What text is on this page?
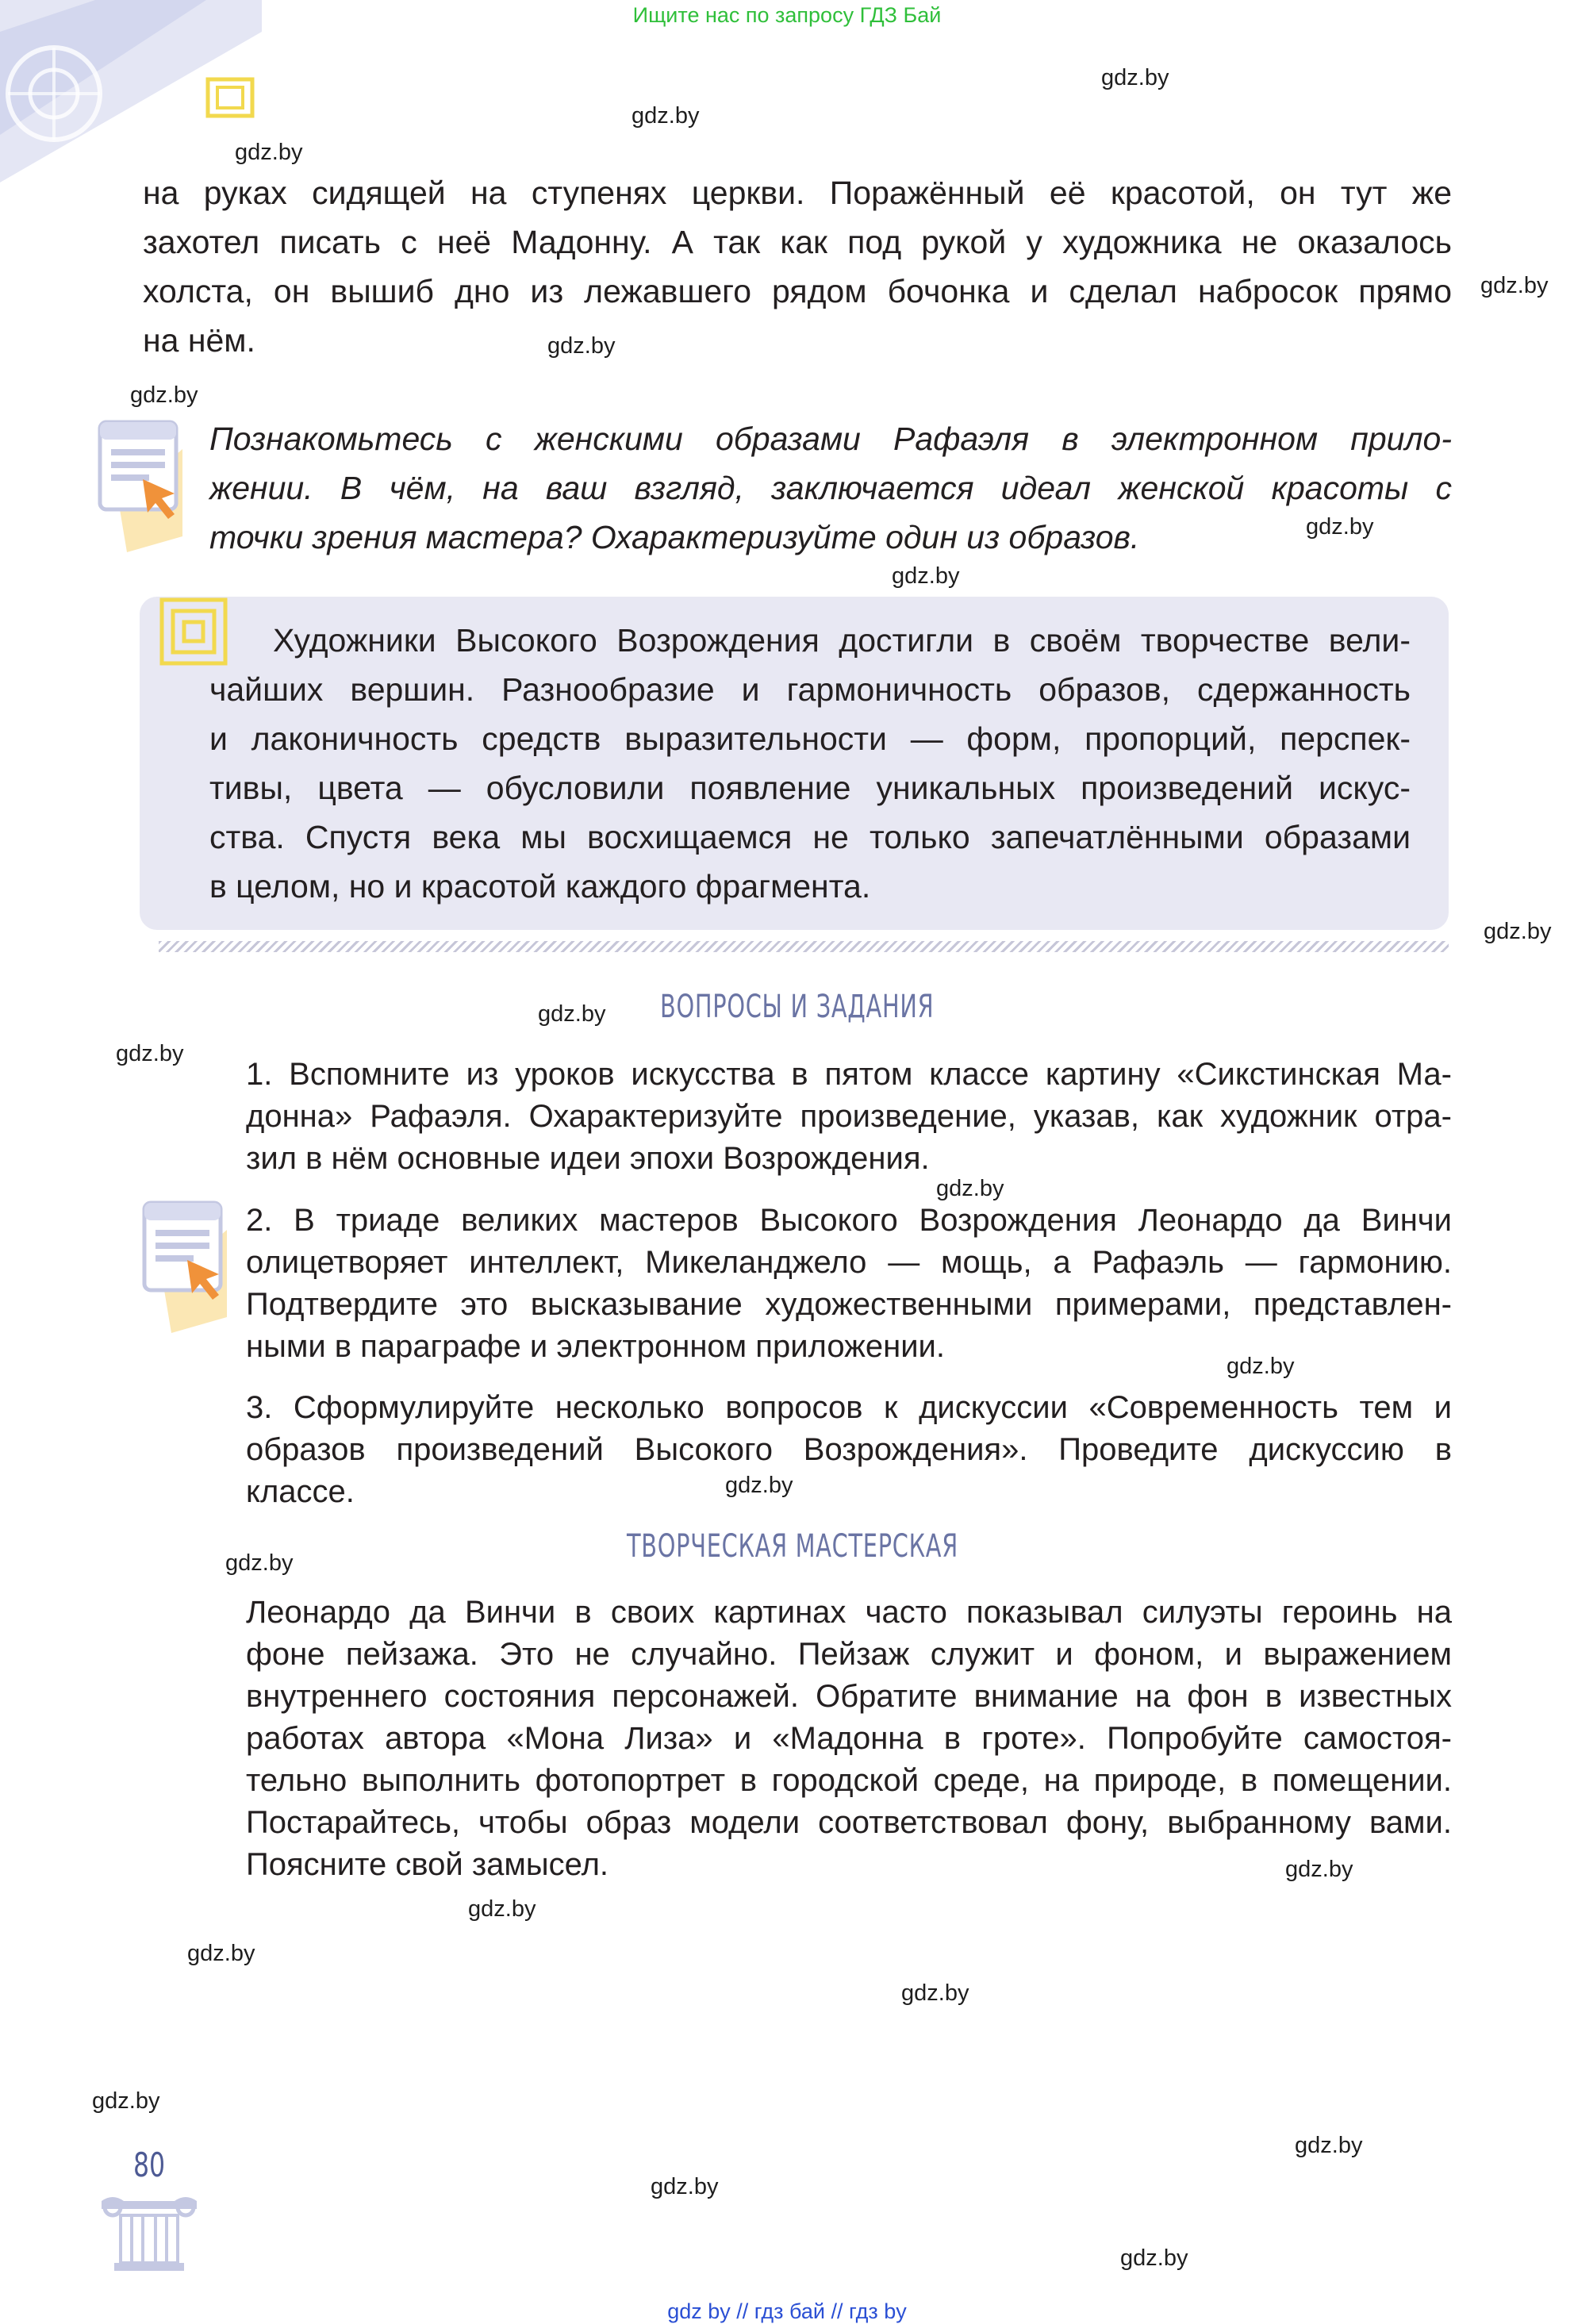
Ищите нас по запросу ГДЗ Бай
gdz.by
gdz.by
gdz.by
gdz.by
gdz.by
gdz.by
gdz.by
gdz.by
gdz.by
gdz.by
gdz.by
gdz.by
gdz.by
gdz.by
gdz.by
gdz.by
gdz.by
gdz.by
gdz.by
gdz.by
gdz.by
gdz.by
gdz.by
на руках сидящей на ступенях церкви. Поражённый её красотой, он тут же
захотел писать с неё Мадонну. А так как под рукой у художника не оказалось
холста, он вышиб дно из лежавшего рядом бочонка и сделал набросок прямо
на нём.
Познакомьтесь с женскими образами Рафаэля в электронном прило-
жении. В чём, на ваш взгляд, заключается идеал женской красоты с
точки зрения мастера? Охарактеризуйте один из образов.
Художники Высокого Возрождения достигли в своём творчестве вели-
чайших вершин. Разнообразие и гармоничность образов, сдержанность
и лаконичность средств выразительности — форм, пропорций, перспек-
тивы, цвета — обусловили появление уникальных произведений искус-
ства. Спустя века мы восхищаемся не только запечатлёнными образами
в целом, но и красотой каждого фрагмента.
ВОПРОСЫ И ЗАДАНИЯ
1. Вспомните из уроков искусства в пятом классе картину «Сикстинская Ма-
донна» Рафаэля. Охарактеризуйте произведение, указав, как художник отра-
зил в нём основные идеи эпохи Возрождения.
2. В триаде великих мастеров Высокого Возрождения Леонардо да Винчи
олицетворяет интеллект, Микеланджело — мощь, а Рафаэль — гармонию.
Подтвердите это высказывание художественными примерами, представлен-
ными в параграфе и электронном приложении.
3. Сформулируйте несколько вопросов к дискуссии «Современность тем и
образов произведений Высокого Возрождения». Проведите дискуссию в
классе.
ТВОРЧЕСКАЯ МАСТЕРСКАЯ
Леонардо да Винчи в своих картинах часто показывал силуэты героинь на
фоне пейзажа. Это не случайно. Пейзаж служит и фоном, и выражением
внутреннего состояния персонажей. Обратите внимание на фон в известных
работах автора «Мона Лиза» и «Мадонна в гроте». Попробуйте самостоя-
тельно выполнить фотопортрет в городской среде, на природе, в помещении.
Постарайтесь, чтобы образ модели соответствовал фону, выбранному вами.
Поясните свой замысел.
80
gdz by // гдз бай // гдз by
